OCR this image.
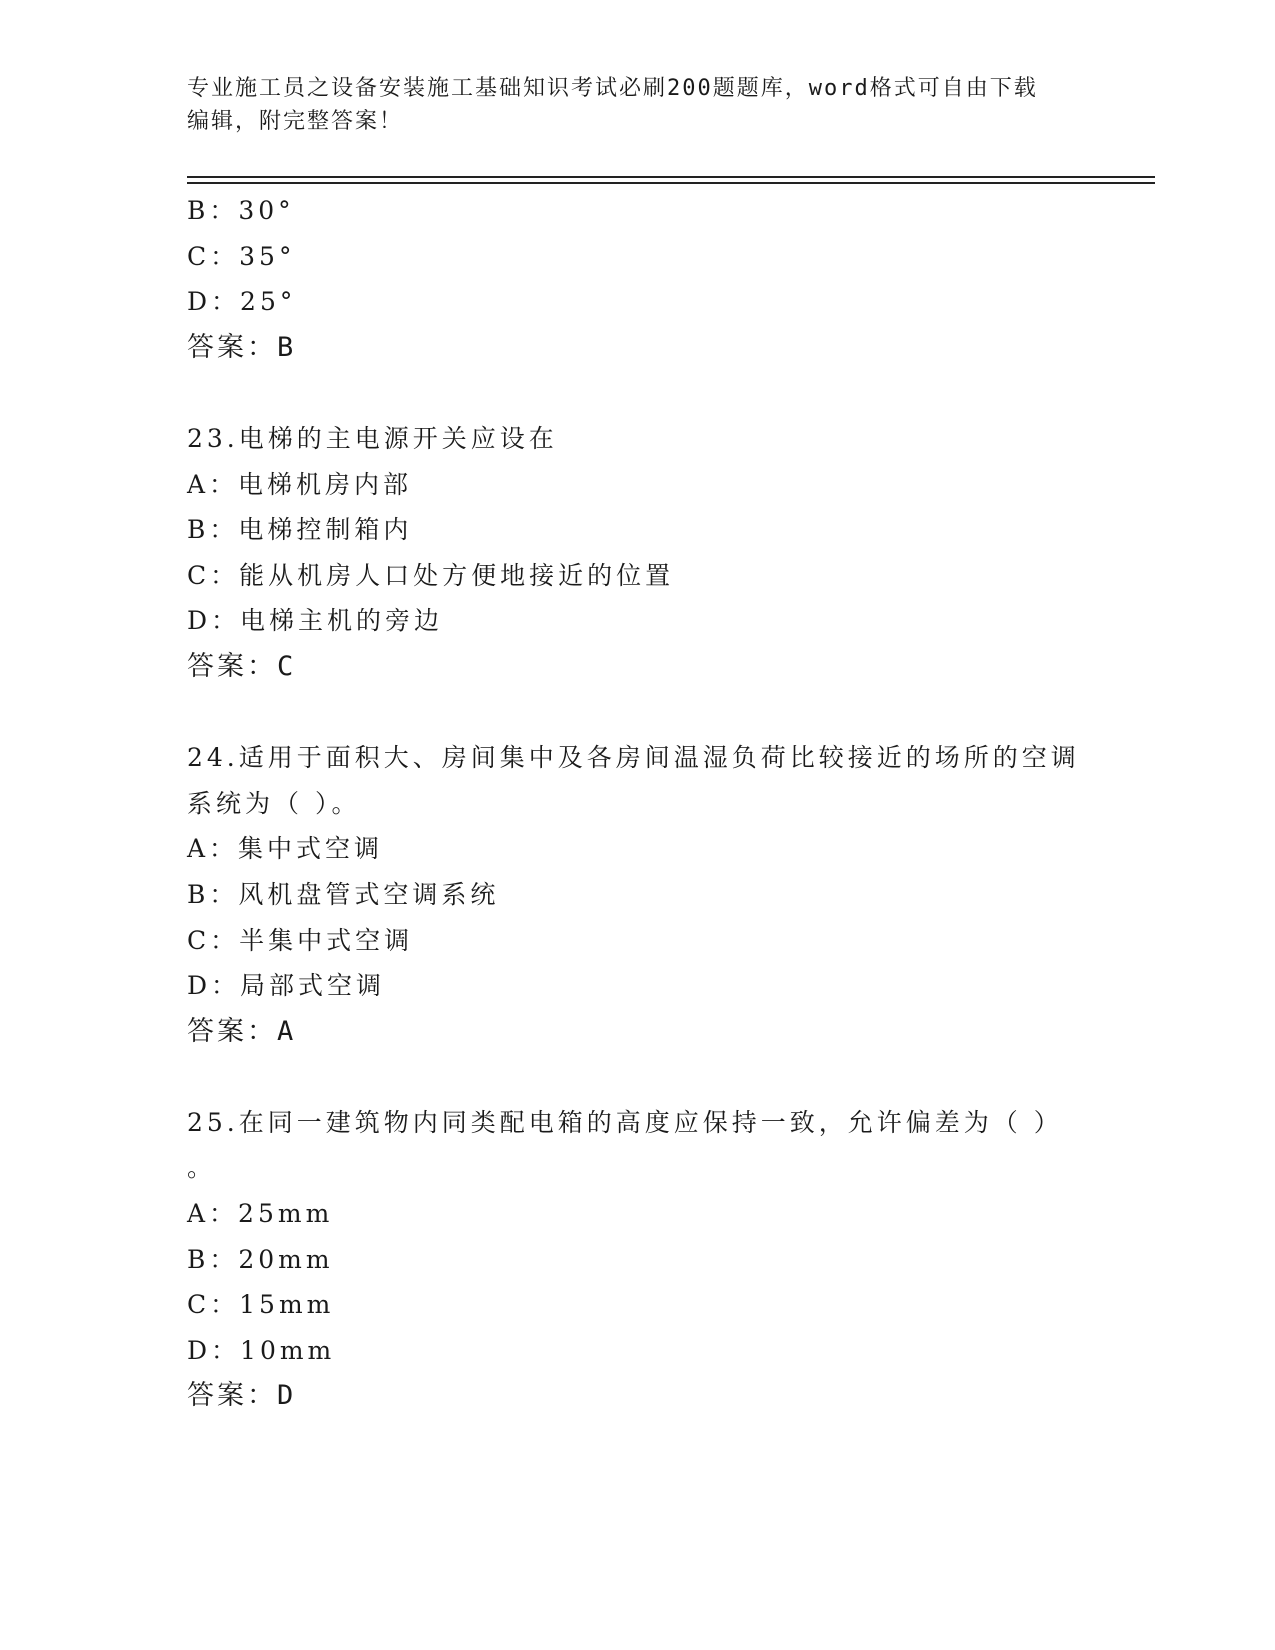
专业施工员之设备安装施工基础知识考试必刷200题题库，word格式可自由下载
编辑，附完整答案！
B：30°
C：35°
D：25°
答案：B
23.电梯的主电源开关应设在
A：电梯机房内部
B：电梯控制箱内
C：能从机房人口处方便地接近的位置
D：电梯主机的旁边
答案：C
24.适用于面积大、房间集中及各房间温湿负荷比较接近的场所的空调
系统为（ ）。
A：集中式空调
B：风机盘管式空调系统
C：半集中式空调
D：局部式空调
答案：A
25.在同一建筑物内同类配电箱的高度应保持一致，允许偏差为（ ）
。
A：25mm
B：20mm
C：15mm
D：10mm
答案：D
